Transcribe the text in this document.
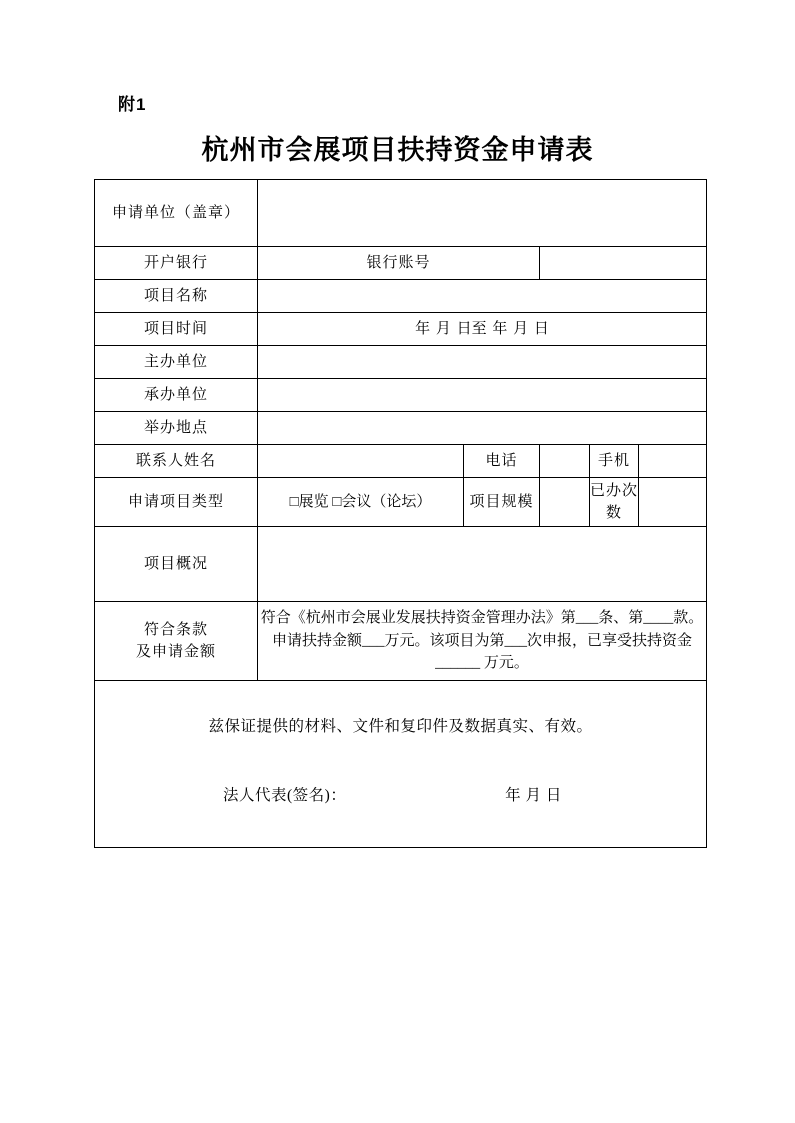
附1
杭州市会展项目扶持资金申请表
申请单位（盖章）					
开户银行	银行账号				
项目名称					
项目时间	年 月 日至 年 月 日				
主办单位					
承办单位					
举办地点					
联系人姓名		电话		手机	
申请项目类型	□展览 □会议（论坛）	项目规模		已办次数	
项目概况					

符合条款
及申请金额	符合《杭州市会展业发展扶持资金管理办法》第___条、第____款。申请扶持金额___万元。该项目为第___次申报，已享受扶持资金______ 万元。				

兹保证提供的材料、文件和复印件及数据真实、有效。
法人代表(签名)： 年 月 日					
